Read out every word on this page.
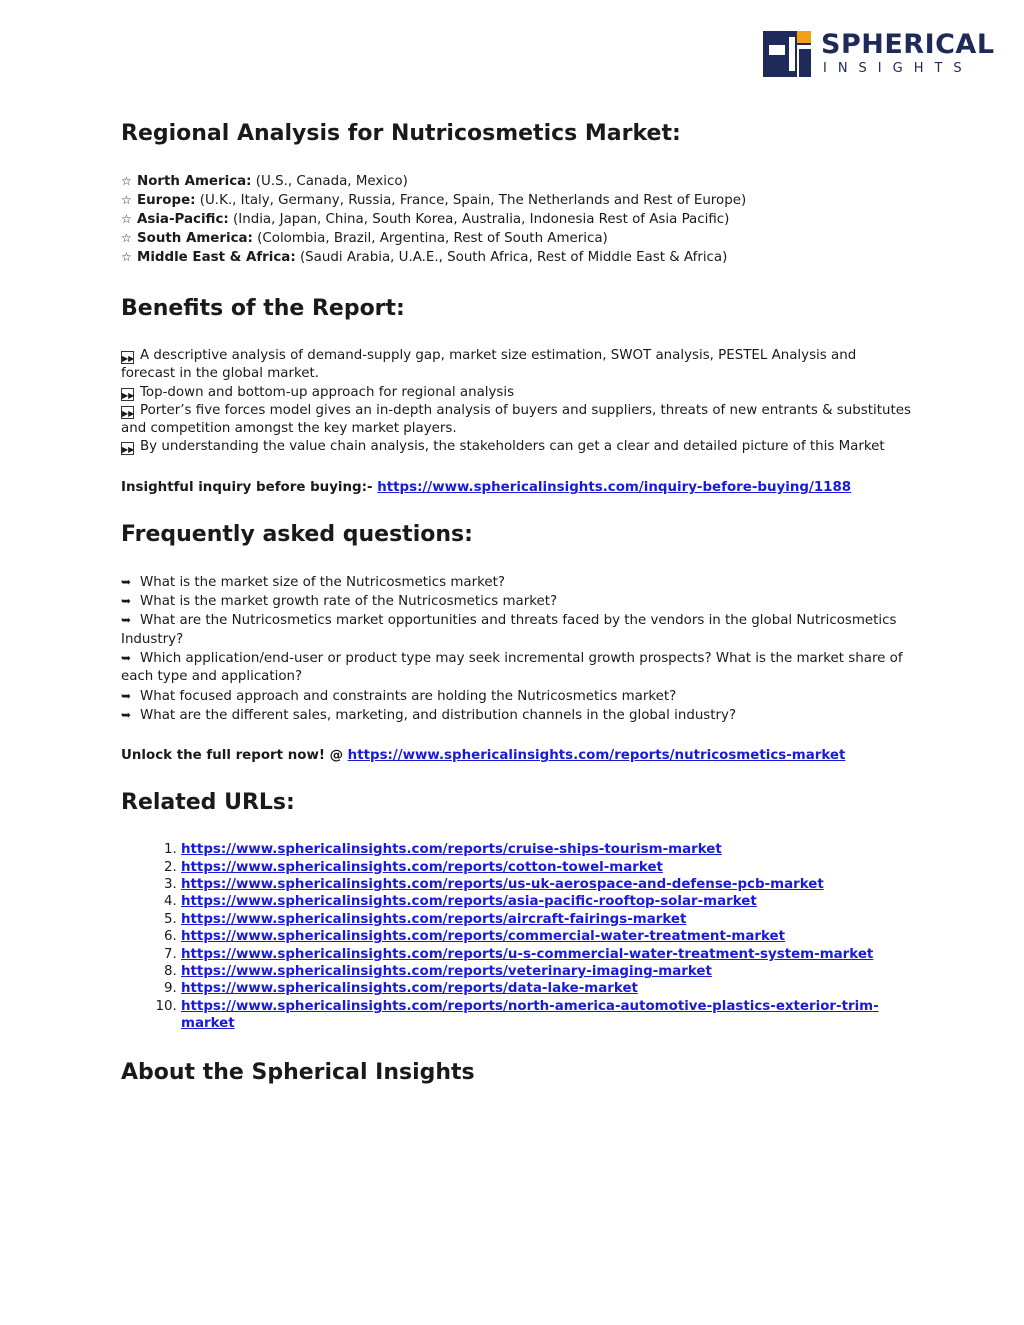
SPHERICAL
INSIGHTS
Regional Analysis for Nutricosmetics Market:
☆ North America: (U.S., Canada, Mexico)
☆ Europe: (U.K., Italy, Germany, Russia, France, Spain, The Netherlands and Rest of Europe)
☆ Asia-Pacific: (India, Japan, China, South Korea, Australia, Indonesia Rest of Asia Pacific)
☆ South America: (Colombia, Brazil, Argentina, Rest of South America)
☆ Middle East & Africa: (Saudi Arabia, U.A.E., South Africa, Rest of Middle East & Africa)
Benefits of the Report:
▶▶ A descriptive analysis of demand-supply gap, market size estimation, SWOT analysis, PESTEL Analysis and forecast in the global market.
▶▶ Top-down and bottom-up approach for regional analysis
▶▶ Porter’s five forces model gives an in-depth analysis of buyers and suppliers, threats of new entrants & substitutes and competition amongst the key market players.
▶▶ By understanding the value chain analysis, the stakeholders can get a clear and detailed picture of this Market
Insightful inquiry before buying:- https://www.sphericalinsights.com/inquiry-before-buying/1188
Frequently asked questions:
➥ What is the market size of the Nutricosmetics market?
➥ What is the market growth rate of the Nutricosmetics market?
➥ What are the Nutricosmetics market opportunities and threats faced by the vendors in the global Nutricosmetics Industry?
➥ Which application/end-user or product type may seek incremental growth prospects? What is the market share of each type and application?
➥ What focused approach and constraints are holding the Nutricosmetics market?
➥ What are the different sales, marketing, and distribution channels in the global industry?
Unlock the full report now! @ https://www.sphericalinsights.com/reports/nutricosmetics-market
Related URLs:
1. https://www.sphericalinsights.com/reports/cruise-ships-tourism-market
2. https://www.sphericalinsights.com/reports/cotton-towel-market
3. https://www.sphericalinsights.com/reports/us-uk-aerospace-and-defense-pcb-market
4. https://www.sphericalinsights.com/reports/asia-pacific-rooftop-solar-market
5. https://www.sphericalinsights.com/reports/aircraft-fairings-market
6. https://www.sphericalinsights.com/reports/commercial-water-treatment-market
7. https://www.sphericalinsights.com/reports/u-s-commercial-water-treatment-system-market
8. https://www.sphericalinsights.com/reports/veterinary-imaging-market
9. https://www.sphericalinsights.com/reports/data-lake-market
10. https://www.sphericalinsights.com/reports/north-america-automotive-plastics-exterior-trim-market
About the Spherical Insights
